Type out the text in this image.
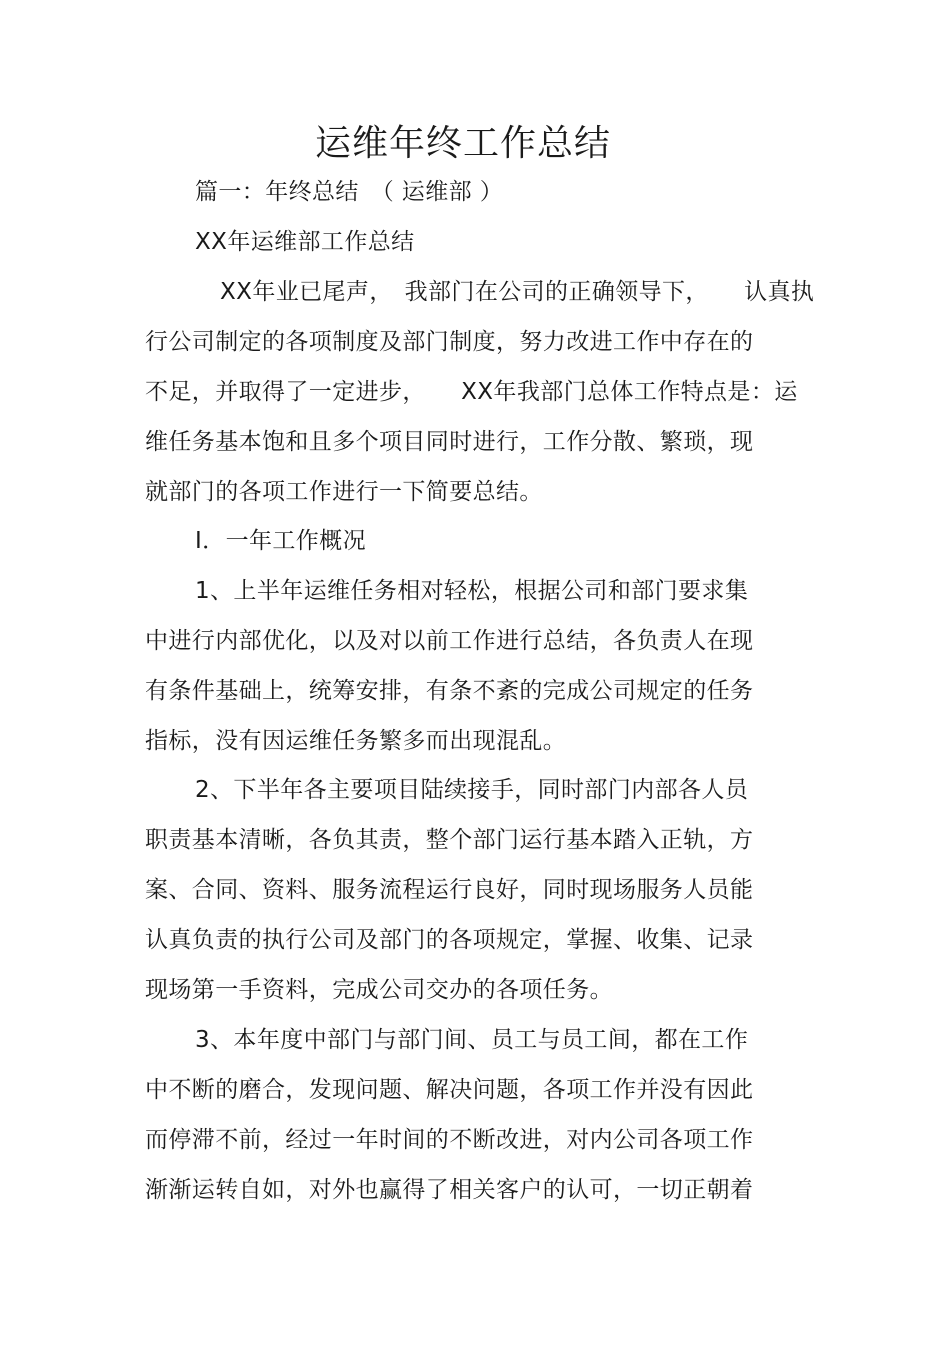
运维年终工作总结
篇一：年终总结　（ 运维部 ）
XX年运维部工作总结
XX年业已尾声，　我部门在公司的正确领导下，　　认真执
行公司制定的各项制度及部门制度，努力改进工作中存在的
不足，并取得了一定进步，　　XX年我部门总体工作特点是：运
维任务基本饱和且多个项目同时进行，工作分散、繁琐，现
就部门的各项工作进行一下简要总结。
Ⅰ．一年工作概况
1、上半年运维任务相对轻松，根据公司和部门要求集
中进行内部优化，以及对以前工作进行总结，各负责人在现
有条件基础上，统筹安排，有条不紊的完成公司规定的任务
指标，没有因运维任务繁多而出现混乱。
2、下半年各主要项目陆续接手，同时部门内部各人员
职责基本清晰，各负其责，整个部门运行基本踏入正轨，方
案、合同、资料、服务流程运行良好，同时现场服务人员能
认真负责的执行公司及部门的各项规定，掌握、收集、记录
现场第一手资料，完成公司交办的各项任务。
3、本年度中部门与部门间、员工与员工间，都在工作
中不断的磨合，发现问题、解决问题，各项工作并没有因此
而停滞不前，经过一年时间的不断改进，对内公司各项工作
渐渐运转自如，对外也赢得了相关客户的认可，一切正朝着
